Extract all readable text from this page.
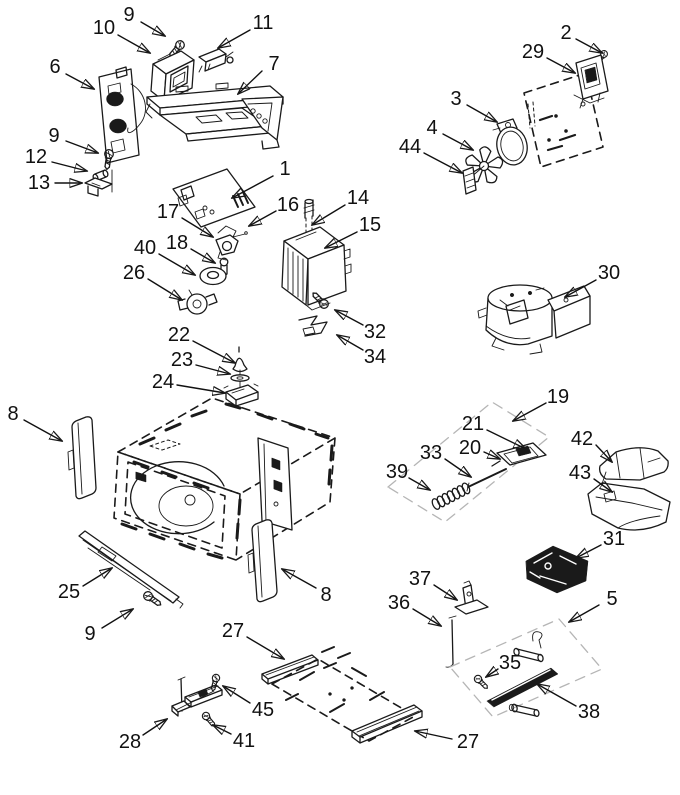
9
10	11
6	7
9
12
13
1
16
17
18
14
15
40
26
32
34
22
23
24
2
29
3
4
44
30
8
8
19
21
20
33
39
42
43
31
37
36	5
35
38
25
9	27
45
28	41	27
